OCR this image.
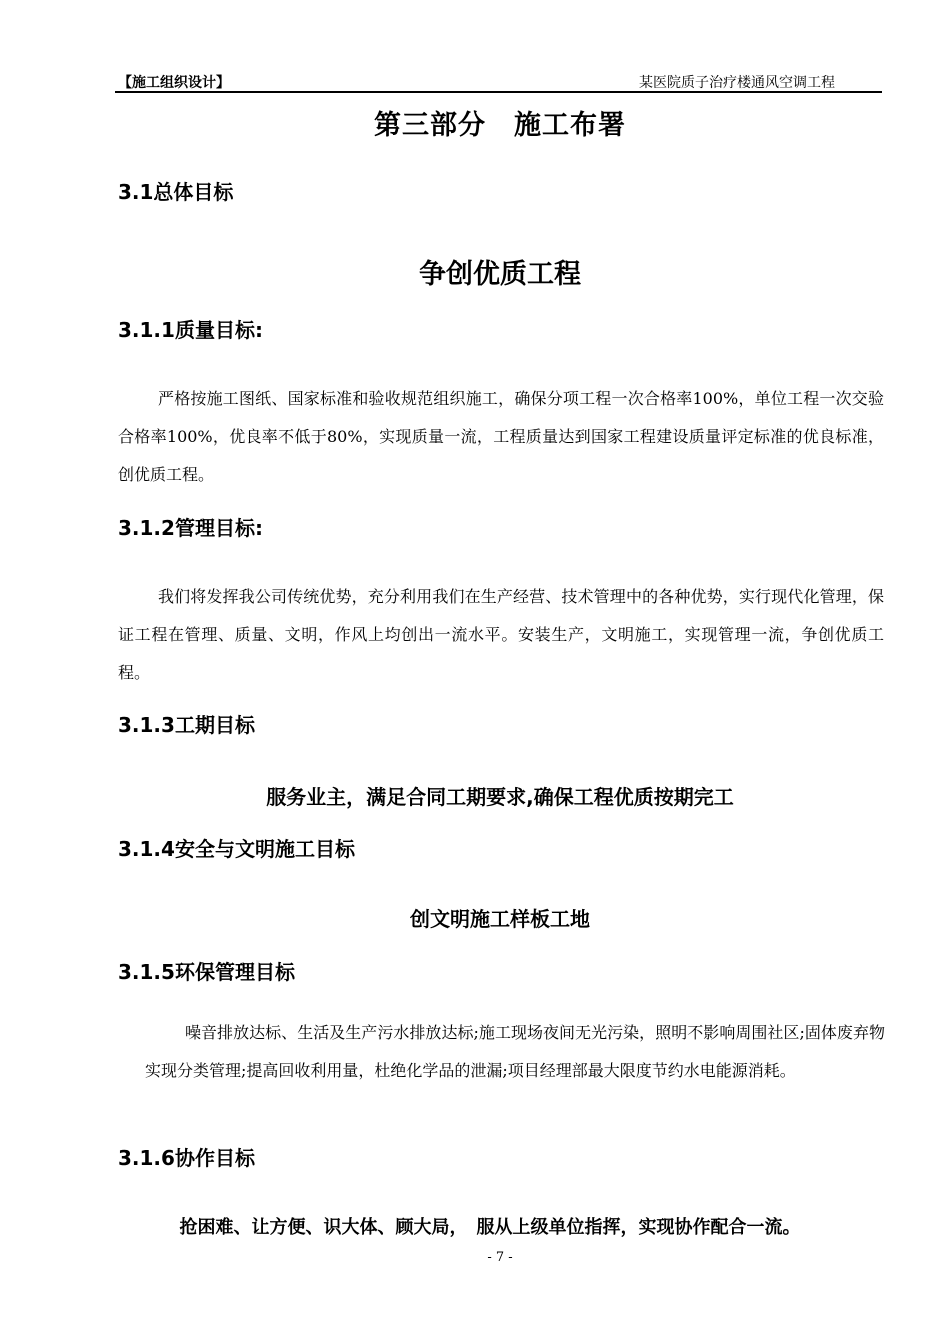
【施工组织设计】	某医院质子治疗楼通风空调工程
第三部分　施工布署
3.1总体目标
争创优质工程
3.1.1质量目标:
严格按施工图纸、国家标准和验收规范组织施工，确保分项工程一次合格率100%，单位工程一次交验合格率100%，优良率不低于80%，实现质量一流，工程质量达到国家工程建设质量评定标准的优良标准，创优质工程。
3.1.2管理目标:
我们将发挥我公司传统优势，充分利用我们在生产经营、技术管理中的各种优势，实行现代化管理，保证工程在管理、质量、文明，作风上均创出一流水平。安装生产，文明施工，实现管理一流，争创优质工程。
3.1.3工期目标
服务业主，满足合同工期要求,确保工程优质按期完工
3.1.4安全与文明施工目标
创文明施工样板工地
3.1.5环保管理目标
噪音排放达标、生活及生产污水排放达标;施工现场夜间无光污染，照明不影响周围社区;固体废弃物实现分类管理;提高回收利用量，杜绝化学品的泄漏;项目经理部最大限度节约水电能源消耗。
3.1.6协作目标
抢困难、让方便、识大体、顾大局，　服从上级单位指挥，实现协作配合一流。
- 7 -
